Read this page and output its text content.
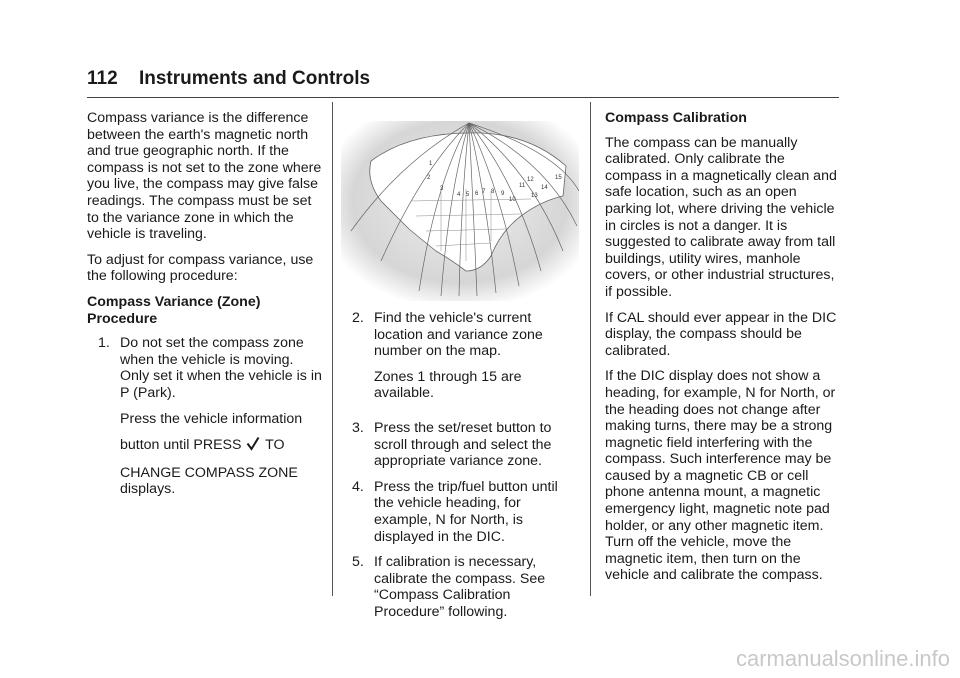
112 Instruments and Controls

Compass variance is the difference between the earth's magnetic north and true geographic north. If the compass is not set to the zone where you live, the compass may give false readings. The compass must be set to the variance zone in which the vehicle is traveling.

To adjust for compass variance, use the following procedure:

Compass Variance (Zone) Procedure

1. Do not set the compass zone when the vehicle is moving. Only set it when the vehicle is in P (Park).

Press the vehicle information

button until PRESS TO

CHANGE COMPASS ZONE displays.

1
2
3
4 5 6 7 8 9
10
11
12
13
14
15
2. Find the vehicle's current location and variance zone number on the map.

Zones 1 through 15 are available.

3. Press the set/reset button to scroll through and select the appropriate variance zone.

4. Press the trip/fuel button until the vehicle heading, for example, N for North, is displayed in the DIC.

5. If calibration is necessary, calibrate the compass. See “Compass Calibration Procedure” following.

Compass Calibration

The compass can be manually calibrated. Only calibrate the compass in a magnetically clean and safe location, such as an open parking lot, where driving the vehicle in circles is not a danger. It is suggested to calibrate away from tall buildings, utility wires, manhole covers, or other industrial structures, if possible.

If CAL should ever appear in the DIC display, the compass should be calibrated.

If the DIC display does not show a heading, for example, N for North, or the heading does not change after making turns, there may be a strong magnetic field interfering with the compass. Such interference may be caused by a magnetic CB or cell phone antenna mount, a magnetic emergency light, magnetic note pad holder, or any other magnetic item. Turn off the vehicle, move the magnetic item, then turn on the vehicle and calibrate the compass.

carmanualsonline.info
